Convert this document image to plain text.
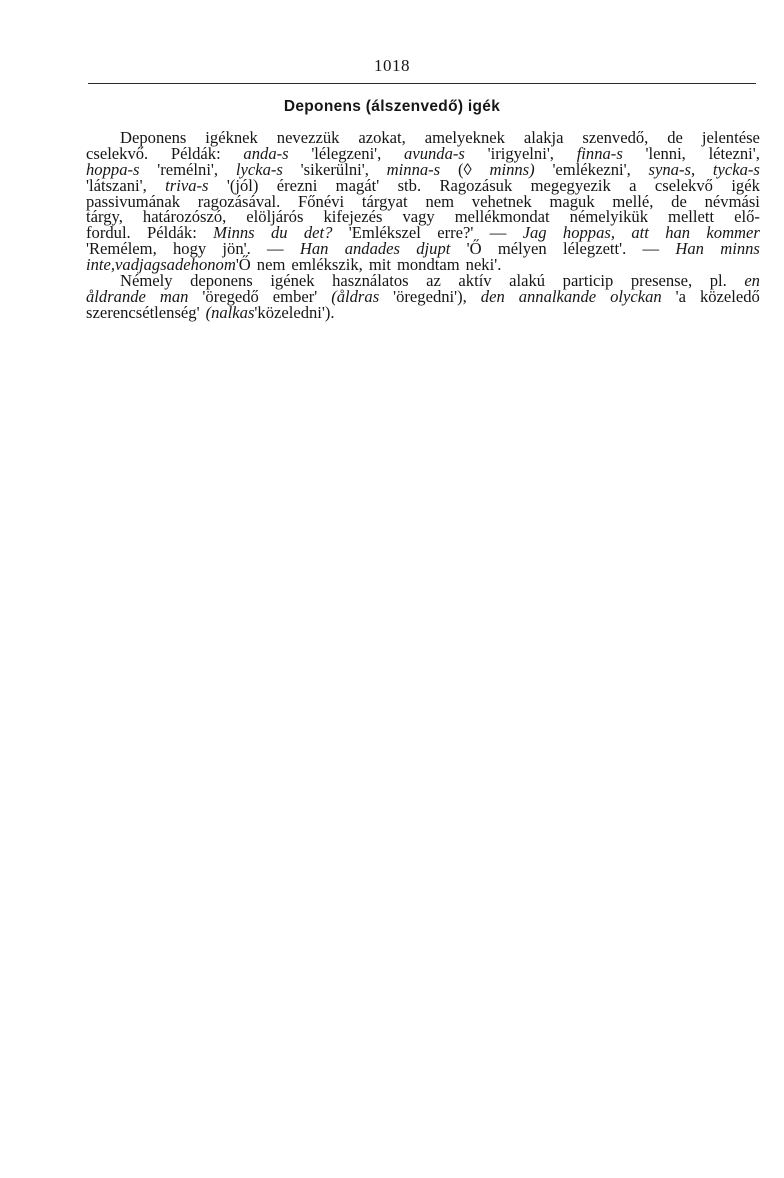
1018
Deponens (álszenvedő) igék
Deponens igéknek nevezzük azokat, amelyeknek alakja szenvedő, de jelentése
cselekvő. Példák: anda-s 'lélegzeni', avunda-s 'irigyelni', finna-s 'lenni, létezni',
hoppa-s 'remélni', lycka-s 'sikerülni', minna-s (◊ minns) 'emlékezni', syna-s, tycka-s
'látszani', triva-s '(jól) érezni magát' stb. Ragozásuk megegyezik a cselekvő igék
passivumának ragozásával. Főnévi tárgyat nem vehetnek maguk mellé, de névmási
tárgy, határozószó, elöljárós kifejezés vagy mellékmondat némelyikük mellett elő-
fordul. Példák: Minns du det? 'Emlékszel erre?' — Jag hoppas, att han kommer
'Remélem, hogy jön'. — Han andades djupt 'Ő mélyen lélegzett'. — Han minns
inte, vad jag sade honom 'Ő nem emlékszik, mit mondtam neki'.
Némely deponens igének használatos az aktív alakú particip presense, pl. en
åldrande man 'öregedő ember' (åldras 'öregedni'), den annalkande olyckan 'a közeledő
szerencsétlenség' (nalkas 'közeledni').
